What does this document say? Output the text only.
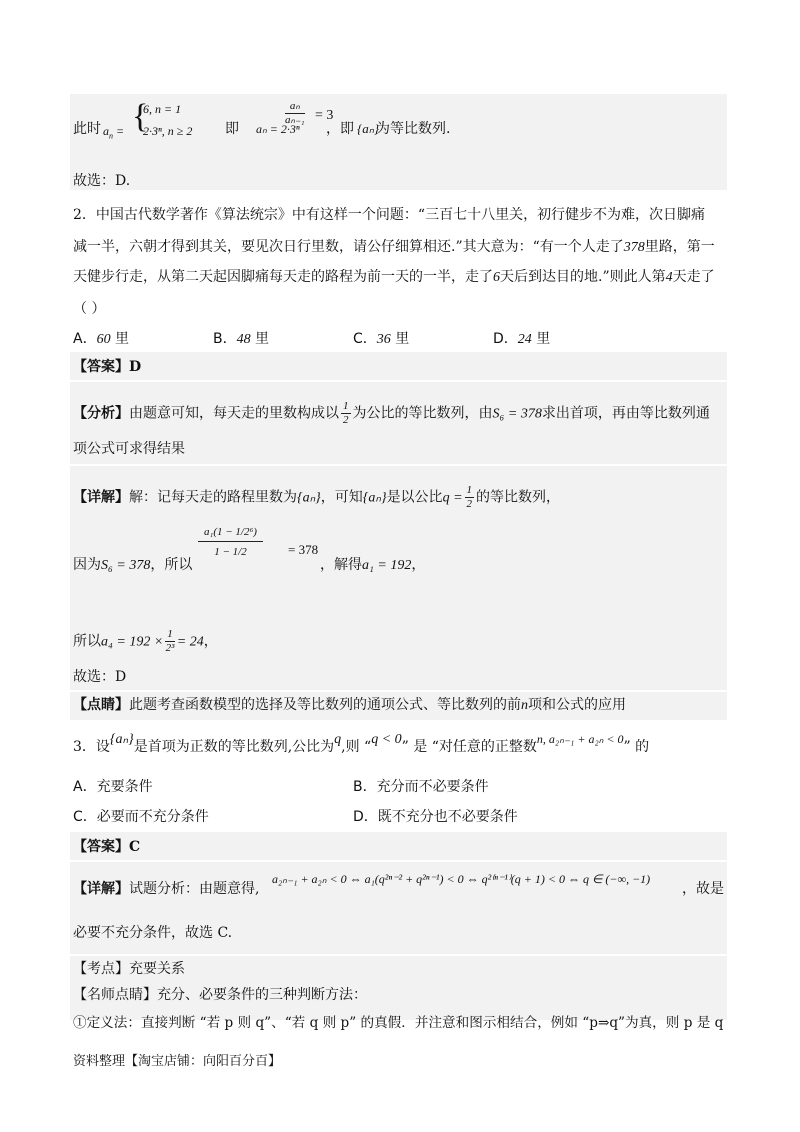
此时 $a_n$ = {
6, n = 1
2·3ⁿ, n ≥ 2 即 aₙ = 2·3ⁿ ，
$\frac{\text{aₙ}}{\text{aₙ₋₁}} = 3$
即 {aₙ}
为等比数列.
故选：D.
2．中国古代数学著作《算法统宗》中有这样一个问题：“三百七十八里关，初行健步不为难，次日脚痛
减一半，六朝才得到其关，要见次日行里数，请公仔细算相还.”其大意为：“有一个人走了378里路，第一
天健步行走，从第二天起因脚痛每天走的路程为前一天的一半，走了6天后到达目的地.”则此人第4天走了
（ ）
A．60 里	B．48 里	C．36 里	D．24 里
【答案】D
【分析】由题意可知，每天走的里数构成以 $\frac{1}{2}$ 为公比的等比数列，由S₆ = 378求出首项，再由等比数列通
项公式可求得结果
【详解】解：记每天走的路程里数为{aₙ}，可知{aₙ}是以公比$q = \frac{1}{2}$ 的等比数列，
因为S₆ = 378，所以
$\frac{\text{a₁(1 − 1/2⁶)}}{1 - 1/2} = 378$
，解得a₁ = 192，
所以$a_4 = 192 \times \frac{1}{\text{2³}} = 24$，
故选：D
【点睛】此题考查函数模型的选择及等比数列的通项公式、等比数列的前n项和公式的应用
3．设{aₙ}是首项为正数的等比数列,公比为q,则 “q < 0” 是 “对任意的正整数n, a₂ₙ₋₁ + a₂ₙ < 0” 的
A．充要条件	B．充分而不必要条件
C．必要而不充分条件	D．既不充分也不必要条件
【答案】C
【详解】试题分析：由题意得,
a₂ₙ₋₁ + a₂ₙ < 0 ⇔ a₁(q²ⁿ⁻² + q²ⁿ⁻¹) < 0 ⇔ q²⁽ⁿ⁻¹⁾(q + 1) < 0 ⇔ q ∈ (−∞, −1)
，故是
必要不充分条件，故选 C.
【考点】充要关系
【名师点睛】充分、必要条件的三种判断方法：
①定义法：直接判断 “若 p 则 q”、“若 q 则 p” 的真假．并注意和图示相结合，例如 “p⇒q”为真，则 p 是 q
资料整理【淘宝店铺：向阳百分百】
